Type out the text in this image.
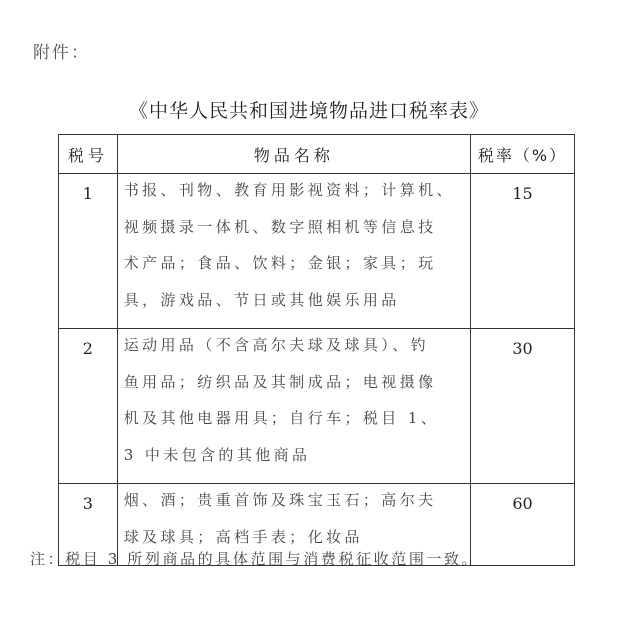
附件：
《中华人民共和国进境物品进口税率表》
税号	物品名称	税率（%）
1	书报、刊物、教育用影视资料；计算机、
视频摄录一体机、数字照相机等信息技
术产品；食品、饮料；金银；家具；玩
具，游戏品、节日或其他娱乐用品	15
2	运动用品（不含高尔夫球及球具）、钓
鱼用品；纺织品及其制成品；电视摄像
机及其他电器用具；自行车；税目 1、
3 中未包含的其他商品	30
3	烟、酒；贵重首饰及珠宝玉石；高尔夫
球及球具；高档手表；化妆品	60
注：税目 3 所列商品的具体范围与消费税征收范围一致。
